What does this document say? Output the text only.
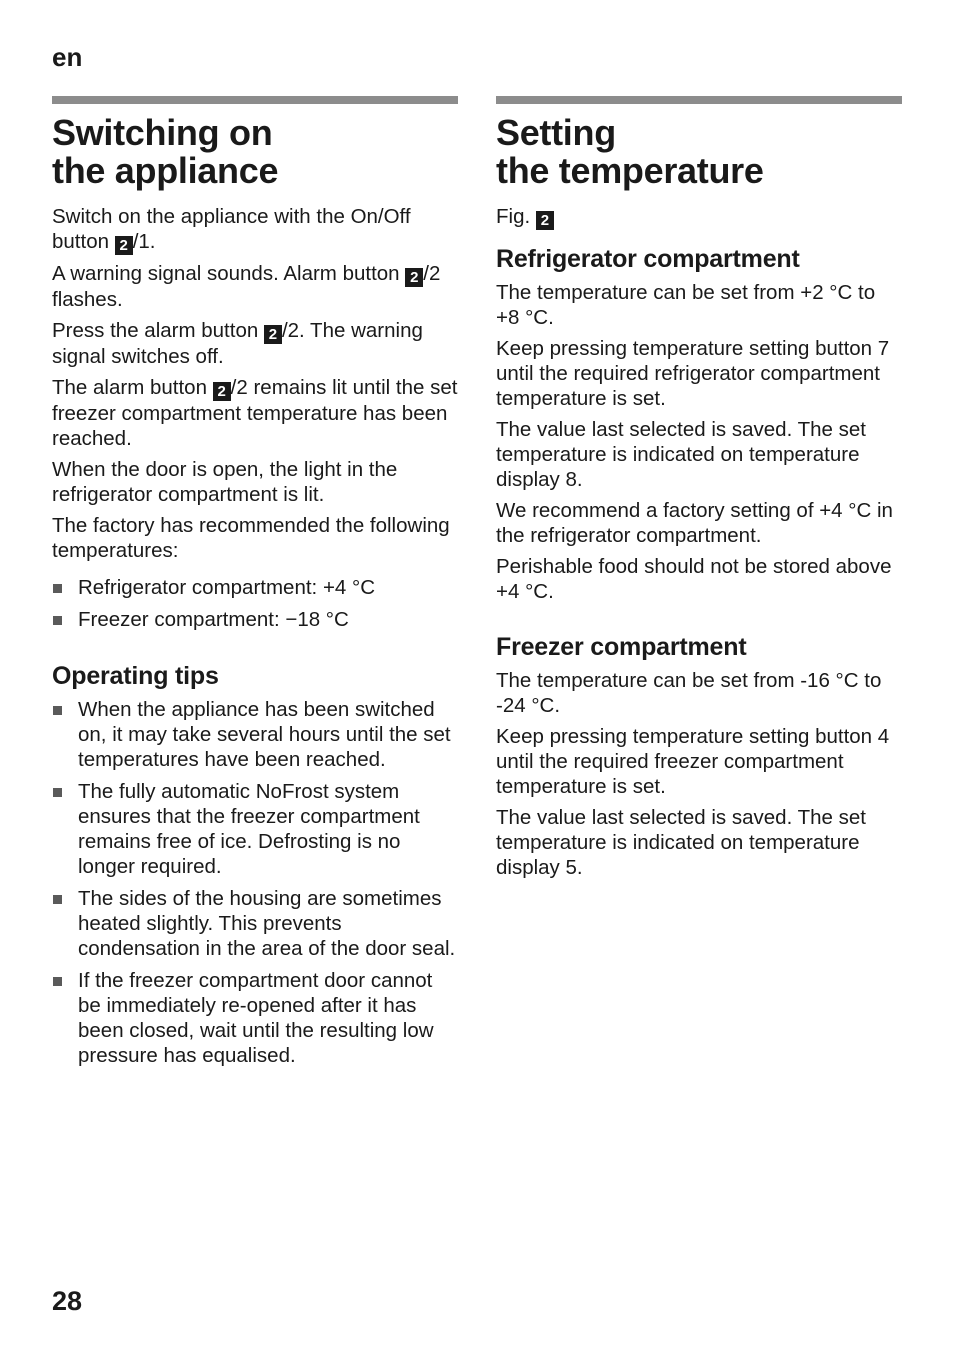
en
Switching on
the appliance

Switch on the appliance with the On/Off button 2 /1.

A warning signal sounds. Alarm button 2 /2 flashes.

Press the alarm button 2 /2. The warning signal switches off.

The alarm button 2 /2 remains lit until the set freezer compartment temperature has been reached.

When the door is open, the light in the refrigerator compartment is lit.

The factory has recommended the following temperatures:

Refrigerator compartment: +4 °C
Freezer compartment: −18 °C
Operating tips
When the appliance has been switched on, it may take several hours until the set temperatures have been reached.
The fully automatic NoFrost system ensures that the freezer compartment remains free of ice. Defrosting is no longer required.
The sides of the housing are sometimes heated slightly. This prevents condensation in the area of the door seal.
If the freezer compartment door cannot be immediately re-opened after it has been closed, wait until the resulting low pressure has equalised.
Setting
the temperature

Fig. 2

Refrigerator compartment

The temperature can be set from +2 °C to +8 °C.

Keep pressing temperature setting button 7 until the required refrigerator compartment temperature is set.

The value last selected is saved. The set temperature is indicated on temperature display 8.

We recommend a factory setting of +4 °C in the refrigerator compartment.

Perishable food should not be stored above +4 °C.

Freezer compartment

The temperature can be set from -16 °C to -24 °C.

Keep pressing temperature setting button 4 until the required freezer compartment temperature is set.

The value last selected is saved. The set temperature is indicated on temperature display 5.

28
